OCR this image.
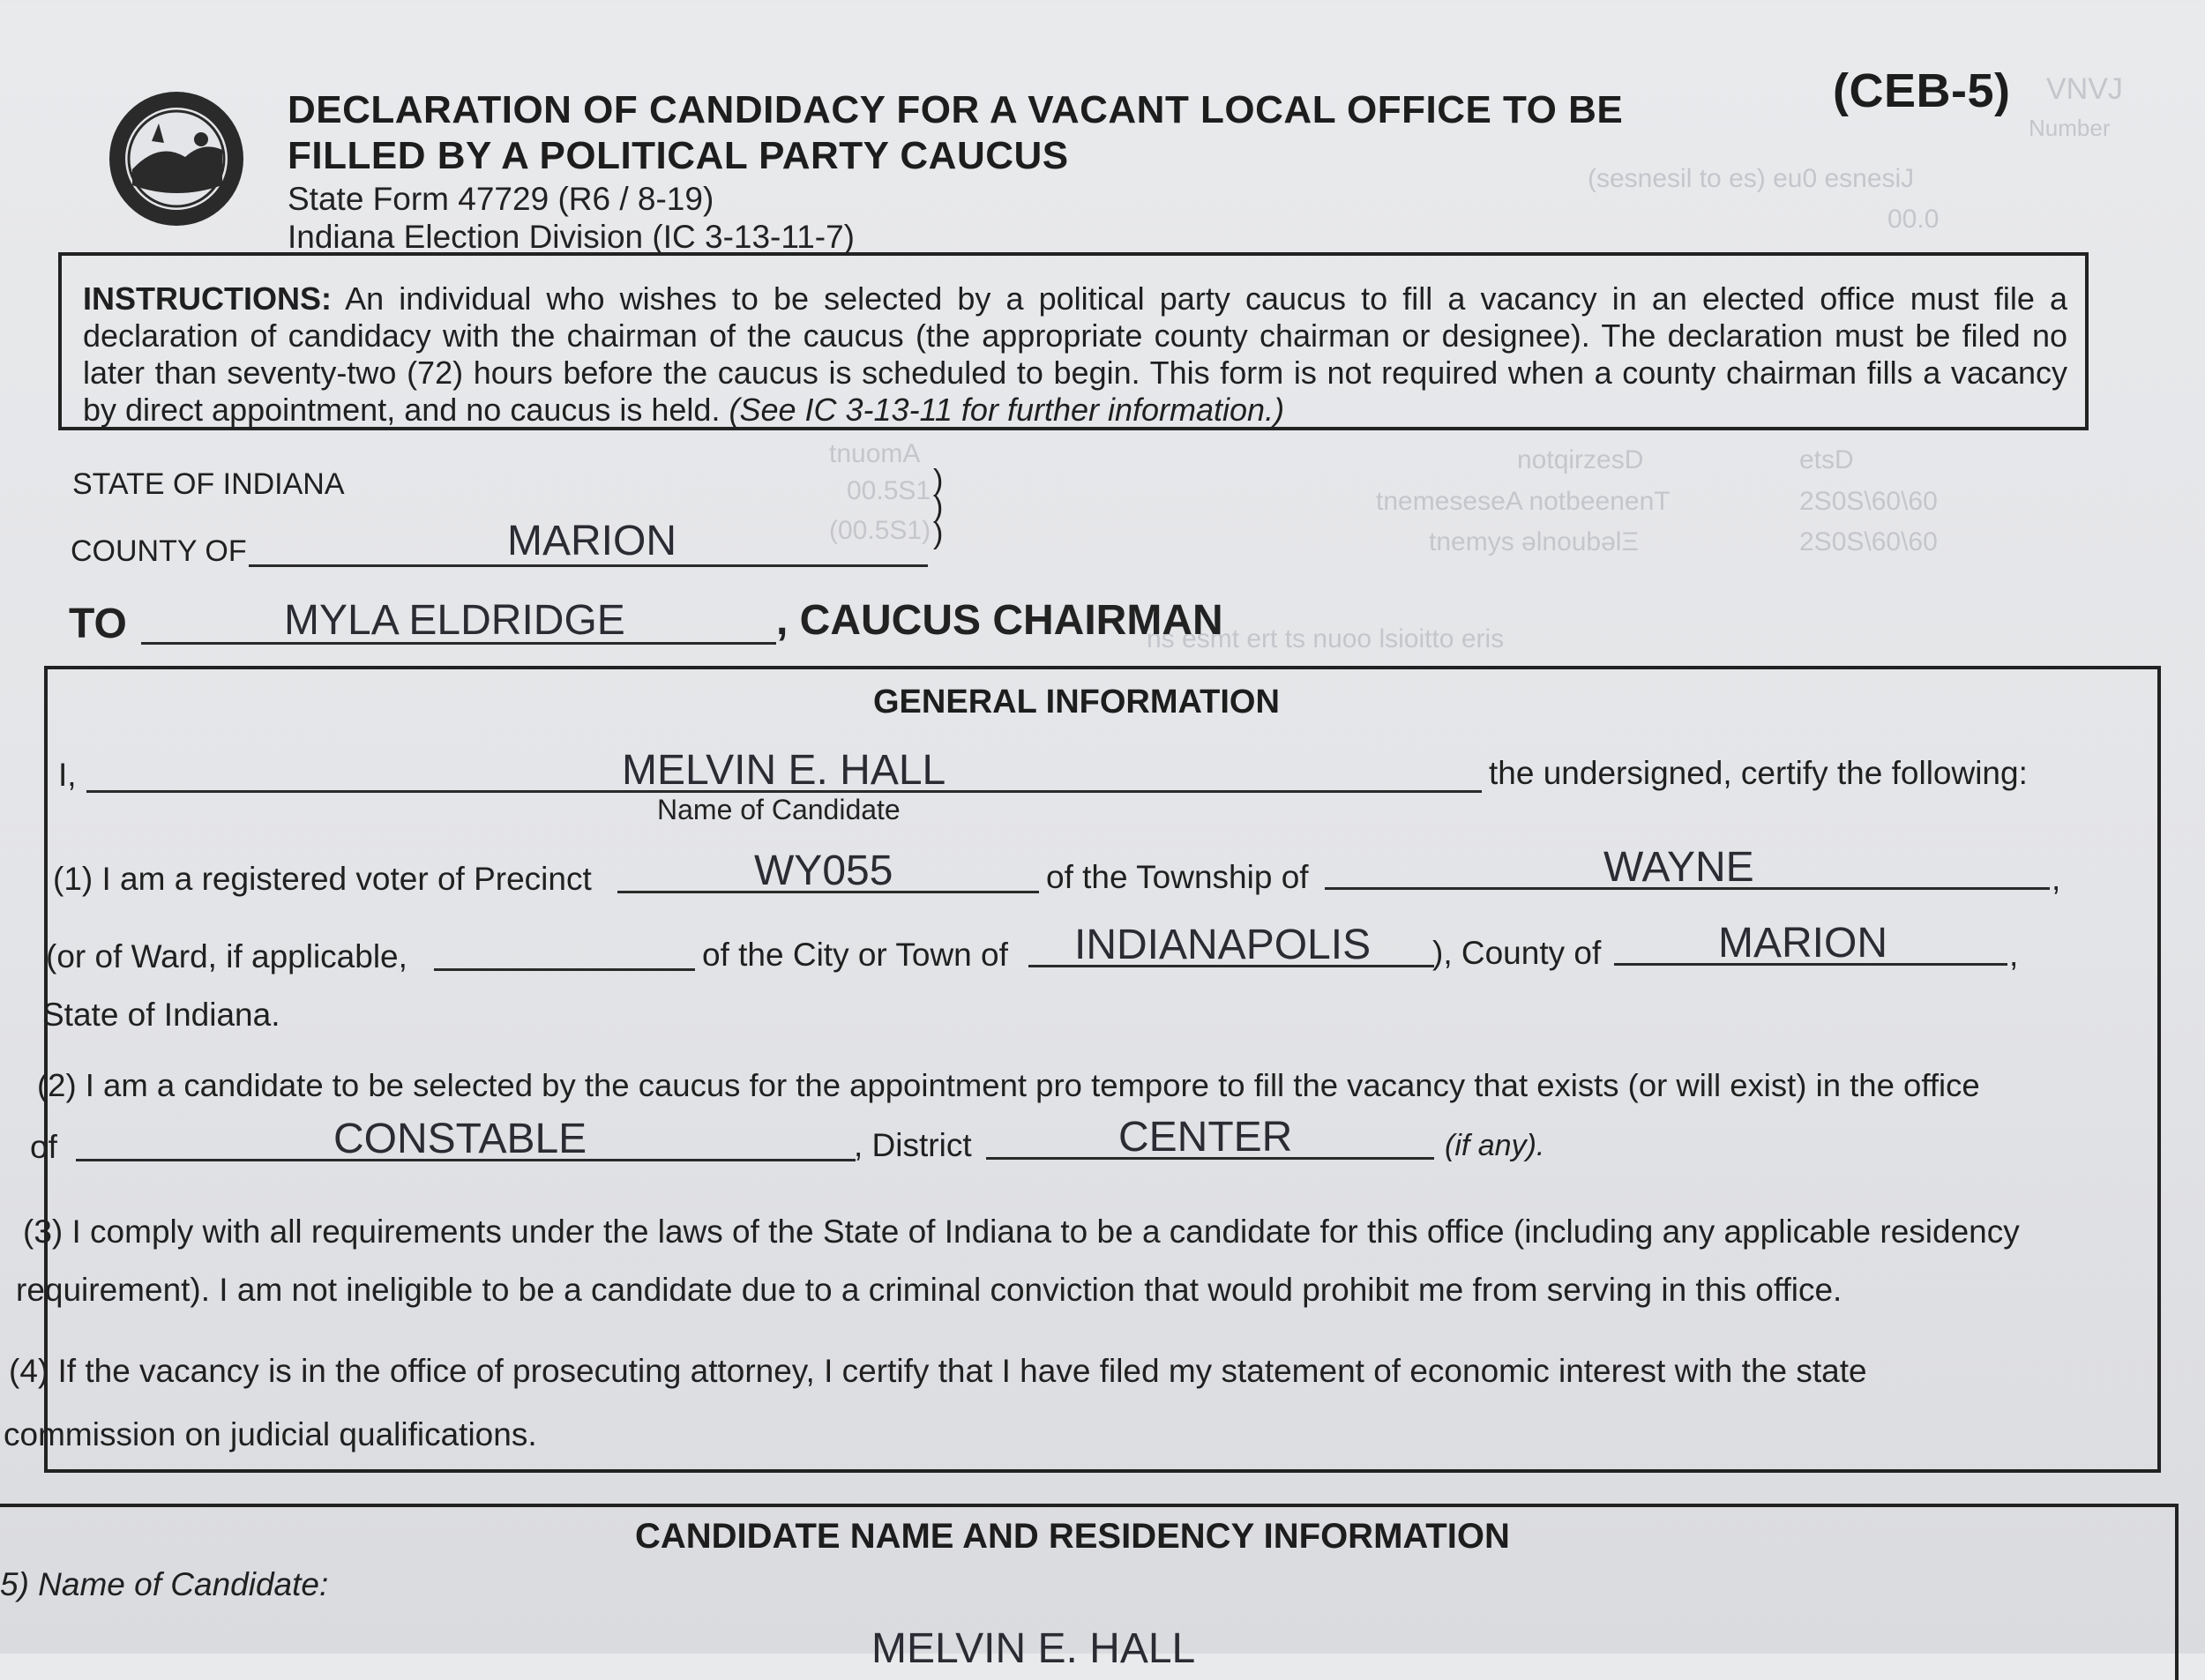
VNVJ
Number
(sesnesil to es) eu0 esnesiJ
00.0
notqirzesD	etsD
tnemeseseA notbeenenT	2S0S\60\60
tnemys əlnoubəlΞ	2S0S\60\60
tnuomA
00.5S1
(00.5S1)
ns esmt ert ts nuoo lsioitto eris
DECLARATION OF CANDIDACY FOR A VACANT LOCAL OFFICE TO BE
FILLED BY A POLITICAL PARTY CAUCUS
State Form 47729 (R6 / 8-19)
Indiana Election Division (IC 3-13-11-7)
(CEB-5)
INSTRUCTIONS: An individual who wishes to be selected by a political party caucus to fill a vacancy in an elected office must file a declaration of candidacy with the chairman of the caucus (the appropriate county chairman or designee). The declaration must be filed no later than seventy-two (72) hours before the caucus is scheduled to begin. This form is not required when a county chairman fills a vacancy by direct appointment, and no caucus is held. (See IC 3-13-11 for further information.)
STATE OF INDIANA
COUNTY OF	MARION
)
)
)
TO	MYLA ELDRIDGE	, CAUCUS CHAIRMAN
GENERAL INFORMATION
I,	MELVIN E. HALL
Name of Candidate
the undersigned, certify the following:
(1) I am a registered voter of Precinct	WY055	of the Township of	WAYNE	,
(or of Ward, if applicable,	of the City or Town of INDIANAPOLIS ), County of	MARION	,
State of Indiana.
(2) I am a candidate to be selected by the caucus for the appointment pro tempore to fill the vacancy that exists (or will exist) in the office
of	CONSTABLE	, District	CENTER	(if any).
(3) I comply with all requirements under the laws of the State of Indiana to be a candidate for this office (including any applicable residency
requirement). I am not ineligible to be a candidate due to a criminal conviction that would prohibit me from serving in this office.
(4) If the vacancy is in the office of prosecuting attorney, I certify that I have filed my statement of economic interest with the state
commission on judicial qualifications.
CANDIDATE NAME AND RESIDENCY INFORMATION
5) Name of Candidate:
MELVIN E. HALL
